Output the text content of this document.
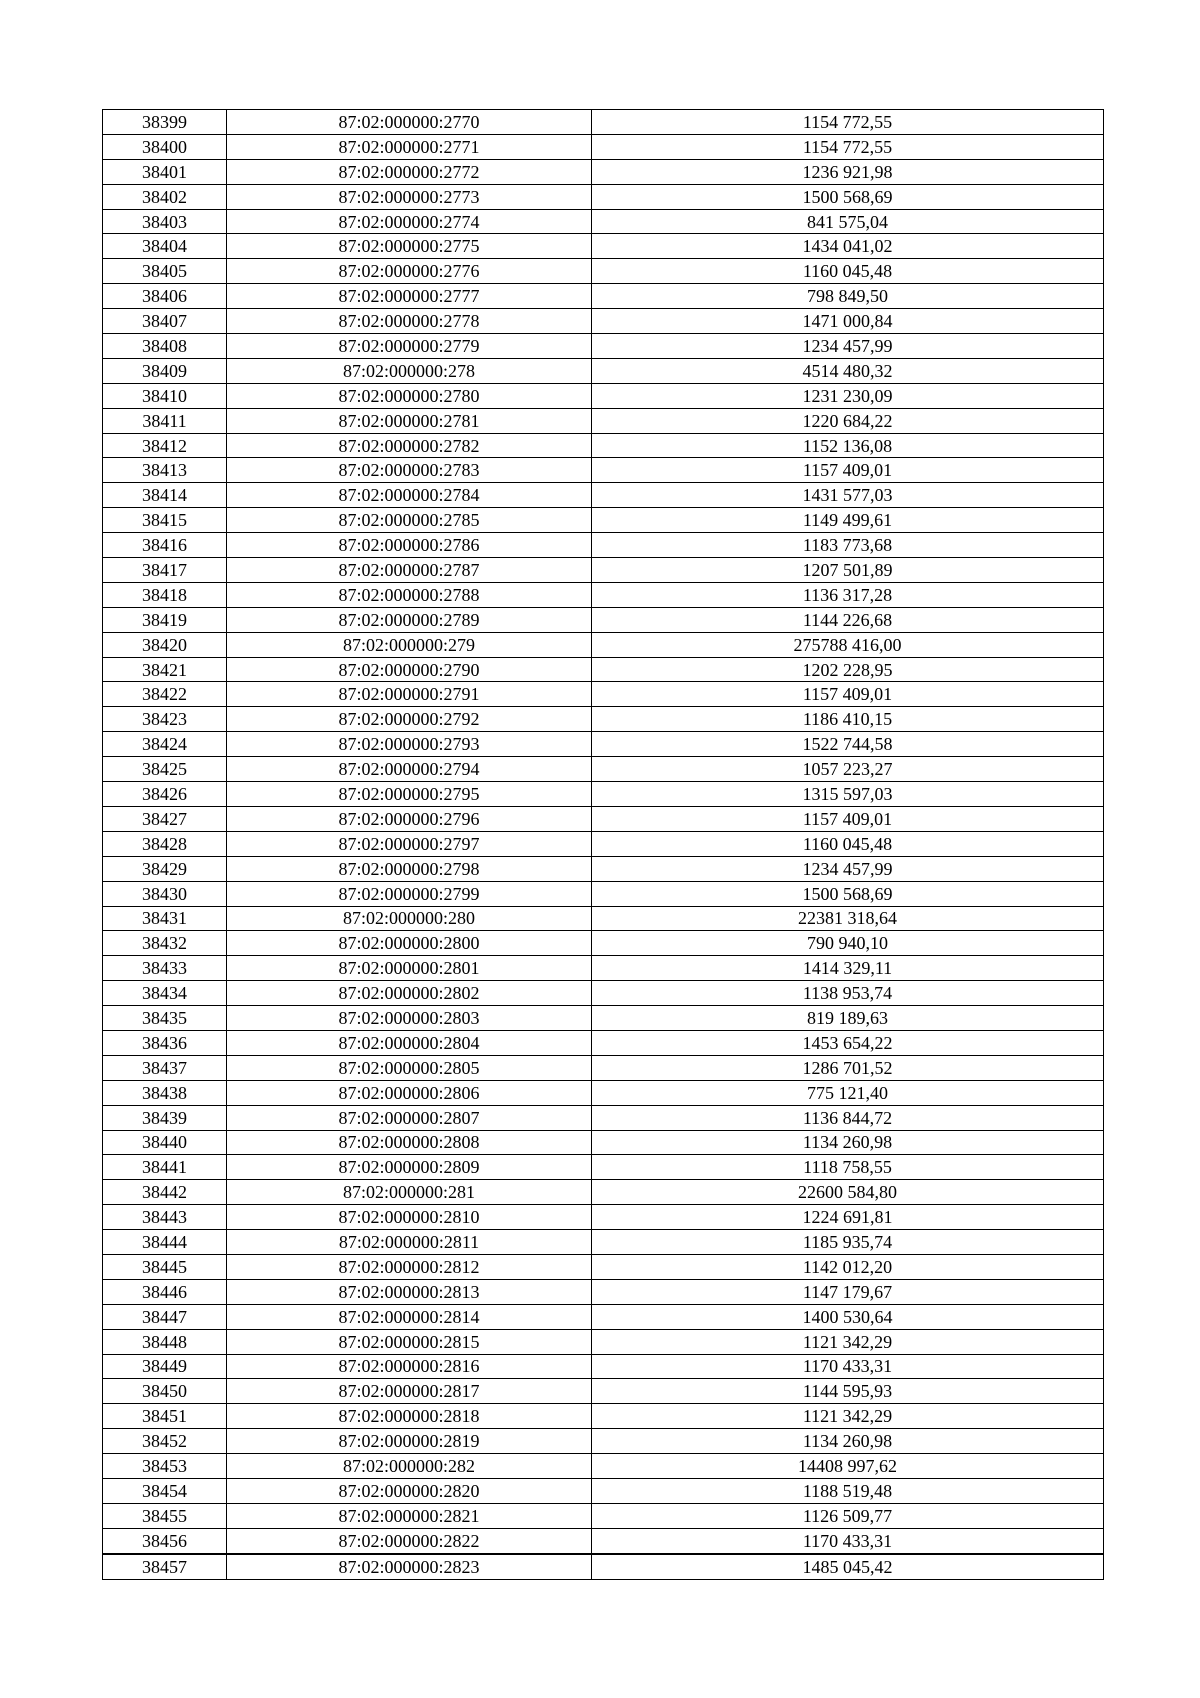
38399	87:02:000000:2770	1154 772,55
38400	87:02:000000:2771	1154 772,55
38401	87:02:000000:2772	1236 921,98
38402	87:02:000000:2773	1500 568,69
38403	87:02:000000:2774	841 575,04
38404	87:02:000000:2775	1434 041,02
38405	87:02:000000:2776	1160 045,48
38406	87:02:000000:2777	798 849,50
38407	87:02:000000:2778	1471 000,84
38408	87:02:000000:2779	1234 457,99
38409	87:02:000000:278	4514 480,32
38410	87:02:000000:2780	1231 230,09
38411	87:02:000000:2781	1220 684,22
38412	87:02:000000:2782	1152 136,08
38413	87:02:000000:2783	1157 409,01
38414	87:02:000000:2784	1431 577,03
38415	87:02:000000:2785	1149 499,61
38416	87:02:000000:2786	1183 773,68
38417	87:02:000000:2787	1207 501,89
38418	87:02:000000:2788	1136 317,28
38419	87:02:000000:2789	1144 226,68
38420	87:02:000000:279	275788 416,00
38421	87:02:000000:2790	1202 228,95
38422	87:02:000000:2791	1157 409,01
38423	87:02:000000:2792	1186 410,15
38424	87:02:000000:2793	1522 744,58
38425	87:02:000000:2794	1057 223,27
38426	87:02:000000:2795	1315 597,03
38427	87:02:000000:2796	1157 409,01
38428	87:02:000000:2797	1160 045,48
38429	87:02:000000:2798	1234 457,99
38430	87:02:000000:2799	1500 568,69
38431	87:02:000000:280	22381 318,64
38432	87:02:000000:2800	790 940,10
38433	87:02:000000:2801	1414 329,11
38434	87:02:000000:2802	1138 953,74
38435	87:02:000000:2803	819 189,63
38436	87:02:000000:2804	1453 654,22
38437	87:02:000000:2805	1286 701,52
38438	87:02:000000:2806	775 121,40
38439	87:02:000000:2807	1136 844,72
38440	87:02:000000:2808	1134 260,98
38441	87:02:000000:2809	1118 758,55
38442	87:02:000000:281	22600 584,80
38443	87:02:000000:2810	1224 691,81
38444	87:02:000000:2811	1185 935,74
38445	87:02:000000:2812	1142 012,20
38446	87:02:000000:2813	1147 179,67
38447	87:02:000000:2814	1400 530,64
38448	87:02:000000:2815	1121 342,29
38449	87:02:000000:2816	1170 433,31
38450	87:02:000000:2817	1144 595,93
38451	87:02:000000:2818	1121 342,29
38452	87:02:000000:2819	1134 260,98
38453	87:02:000000:282	14408 997,62
38454	87:02:000000:2820	1188 519,48
38455	87:02:000000:2821	1126 509,77
38456	87:02:000000:2822	1170 433,31
38457	87:02:000000:2823	1485 045,42
